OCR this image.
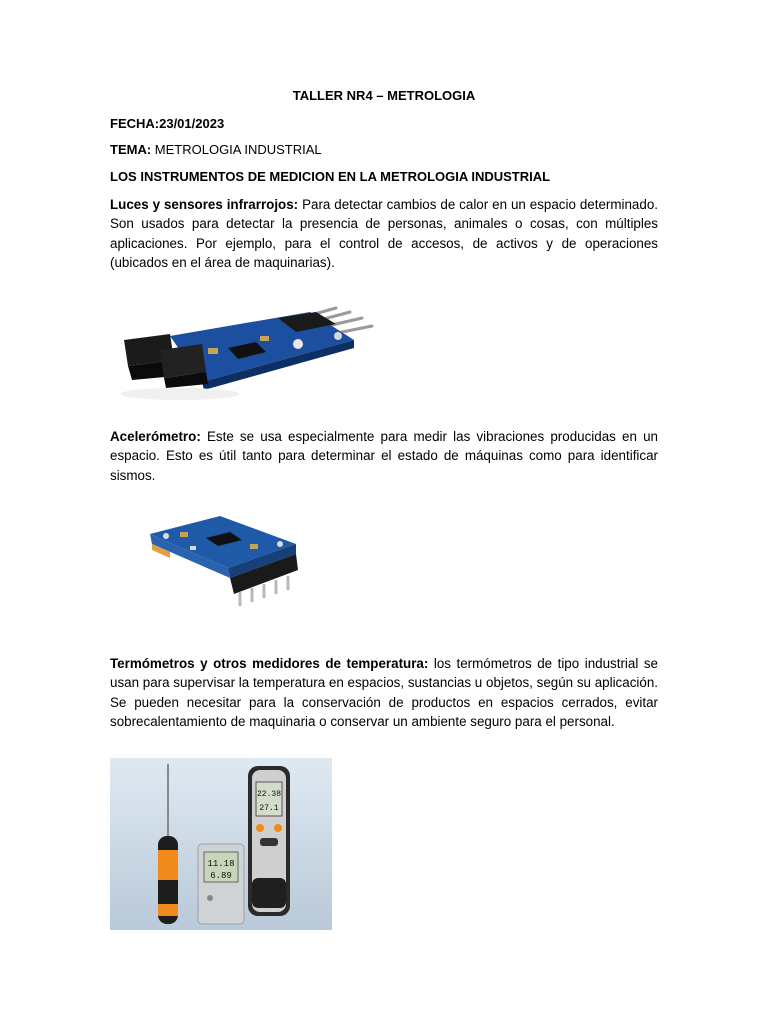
TALLER NR4 – METROLOGIA
FECHA:23/01/2023
TEMA: METROLOGIA INDUSTRIAL
LOS INSTRUMENTOS DE MEDICION EN LA METROLOGIA INDUSTRIAL
Luces y sensores infrarrojos: Para detectar cambios de calor en un espacio determinado. Son usados para detectar la presencia de personas, animales o cosas, con múltiples aplicaciones. Por ejemplo, para el control de accesos, de activos y de operaciones (ubicados en el área de maquinarias).
Acelerómetro: Este se usa especialmente para medir las vibraciones producidas en un espacio. Esto es útil tanto para determinar el estado de máquinas como para identificar sismos.
Termómetros y otros medidores de temperatura: los termómetros de tipo industrial se usan para supervisar la temperatura en espacios, sustancias u objetos, según su aplicación. Se pueden necesitar para la conservación de productos en espacios cerrados, evitar sobrecalentamiento de maquinaria o conservar un ambiente seguro para el personal.
11.18
6.89
22.38
27.1
